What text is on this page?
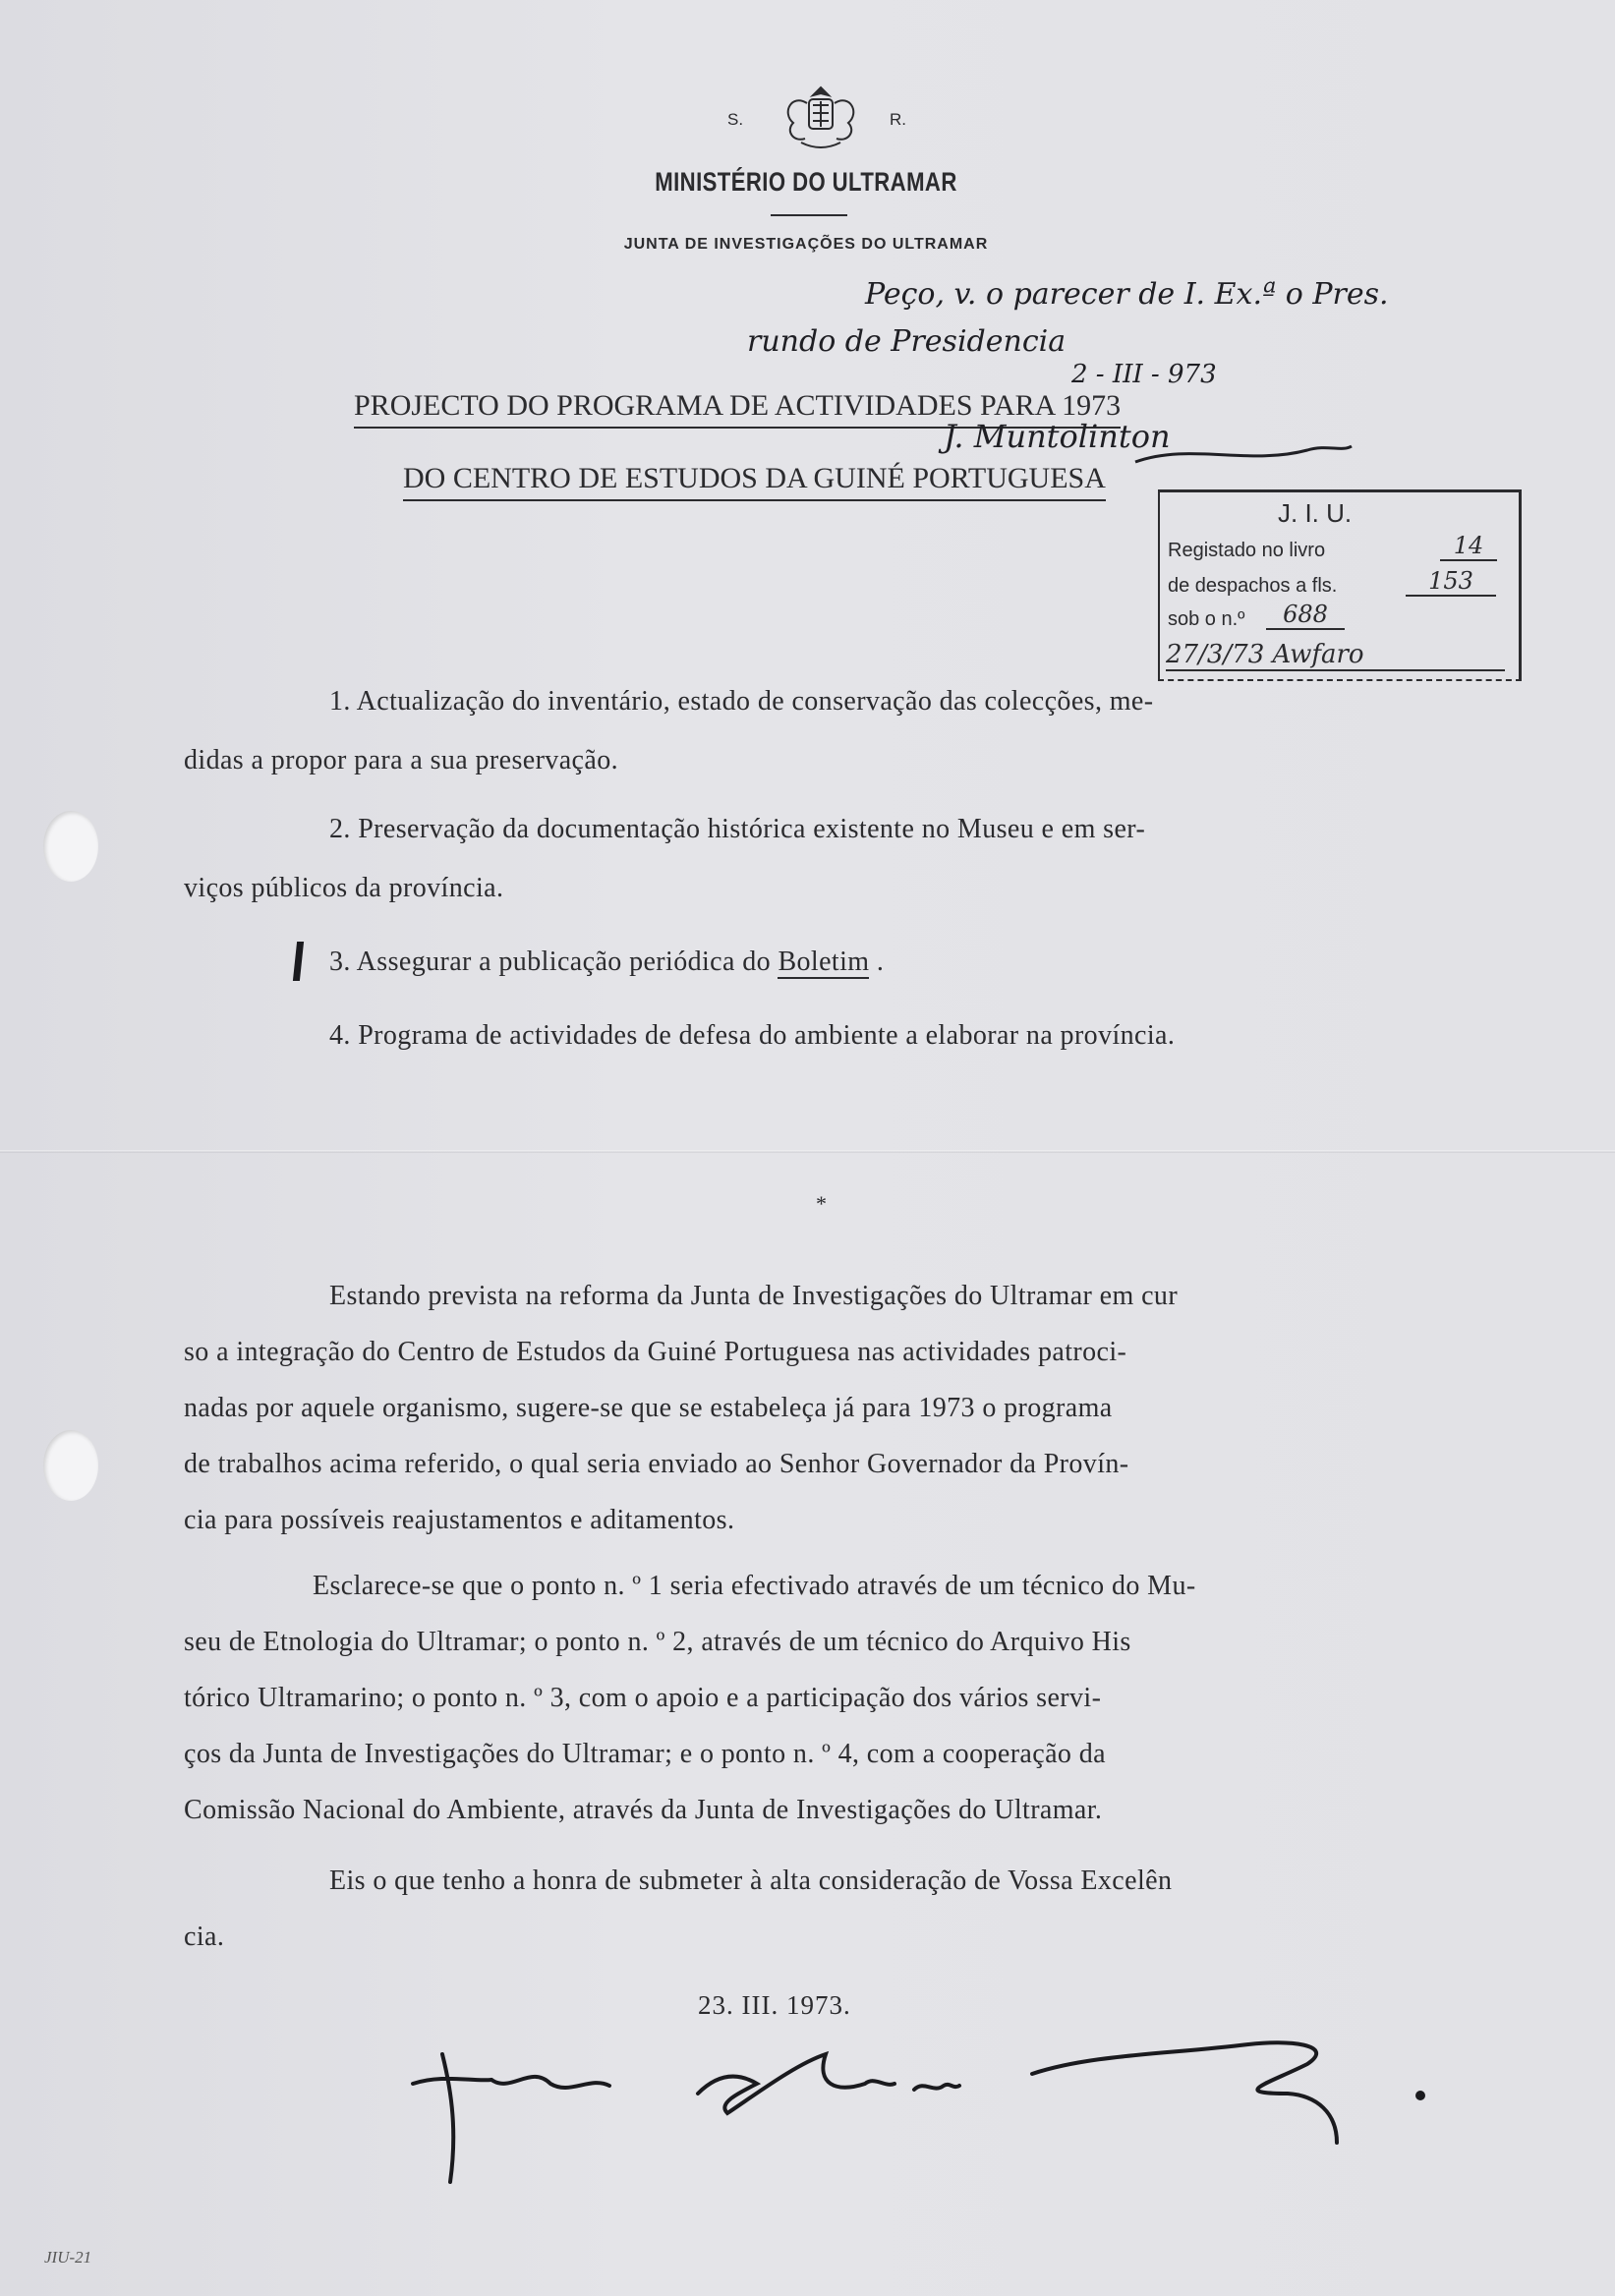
S.	R.
MINISTÉRIO DO ULTRAMAR
JUNTA DE INVESTIGAÇÕES DO ULTRAMAR
Peço, v. o parecer de I. Ex.ª o Pres.
rundo de Presidencia
2 - III - 973
PROJECTO DO PROGRAMA DE ACTIVIDADES PARA 1973
J. Muntolinton
DO CENTRO DE ESTUDOS DA GUINÉ PORTUGUESA
J. I. U.
Registado no livro	14
de despachos a fls.	153
sob o n.º	688
27/3/73 Awfaro
1. Actualização do inventário, estado de conservação das colecções, me-
didas a propor para a sua preservação.
2. Preservação da documentação histórica existente no Museu e em ser-
viços públicos da província.
3. Assegurar a publicação periódica do Boletim .
4. Programa de actividades de defesa do ambiente a elaborar na província.
*
Estando prevista na reforma da Junta de Investigações do Ultramar em cur
so a integração do Centro de Estudos da Guiné Portuguesa nas actividades patroci-
nadas por aquele organismo, sugere-se que se estabeleça já para 1973 o programa
de trabalhos acima referido, o qual seria enviado ao Senhor Governador da Provín-
cia para possíveis reajustamentos e aditamentos.
Esclarece-se que o ponto n. º 1 seria efectivado através de um técnico do Mu-
seu de Etnologia do Ultramar; o ponto n. º 2, através de um técnico do Arquivo His
tórico Ultramarino; o ponto n. º 3, com o apoio e a participação dos vários servi-
ços da Junta de Investigações do Ultramar; e o ponto n. º 4, com a cooperação da
Comissão Nacional do Ambiente, através da Junta de Investigações do Ultramar.
Eis o que tenho a honra de submeter à alta consideração de Vossa Excelên
cia.
23. III. 1973.
JIU-21
